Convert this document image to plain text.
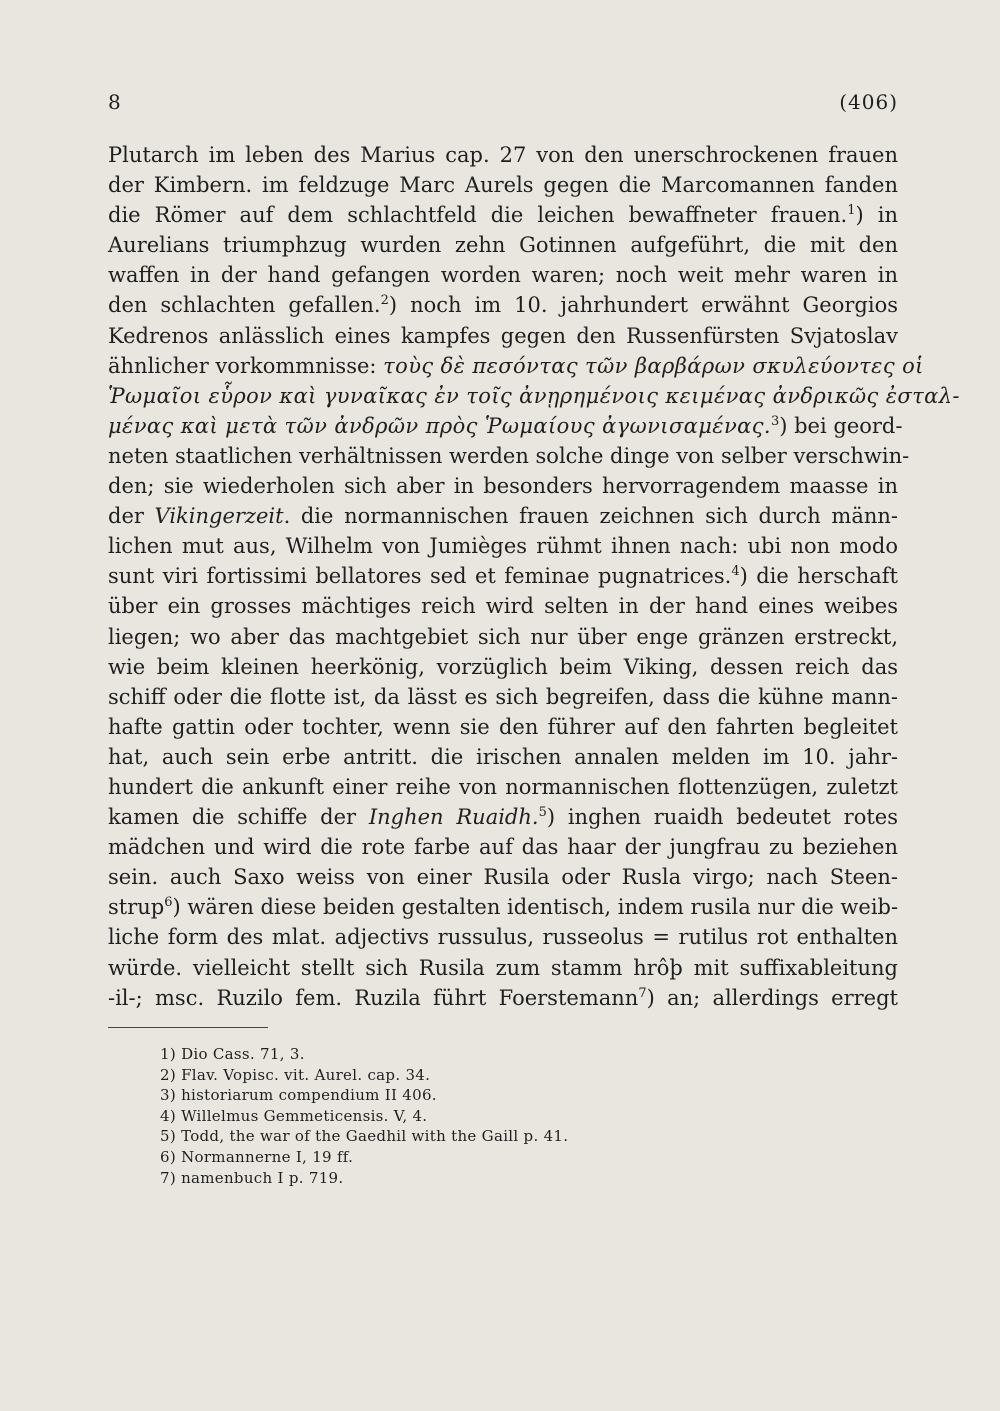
8	(406)
Plutarch im leben des Marius cap. 27 von den unerschrockenen frauen
der Kimbern. im feldzuge Marc Aurels gegen die Marcomannen fanden
die Römer auf dem schlachtfeld die leichen bewaffneter frauen.$^1$) in
Aurelians triumphzug wurden zehn Gotinnen aufgeführt, die mit den
waffen in der hand gefangen worden waren; noch weit mehr waren in
den schlachten gefallen.$^2$) noch im 10. jahrhundert erwähnt Georgios
Kedrenos anlässlich eines kampfes gegen den Russenfürsten Svjatoslav
ähnlicher vorkommnisse: τοὺς δὲ πεσόντας τῶν βαρβάρων σκυλεύοντες οἱ
Ῥωμαῖοι εὗρον καὶ γυναῖκας ἐν τοῖς ἀνῃρημένοις κειμένας ἀνδρικῶς ἐσταλ-
μένας καὶ μετὰ τῶν ἀνδρῶν πρὸς Ῥωμαίους ἀγωνισαμένας.$^3$) bei geord-
neten staatlichen verhältnissen werden solche dinge von selber verschwin-
den; sie wiederholen sich aber in besonders hervorragendem maasse in
der Vikingerzeit. die normannischen frauen zeichnen sich durch männ-
lichen mut aus, Wilhelm von Jumièges rühmt ihnen nach: ubi non modo
sunt viri fortissimi bellatores sed et feminae pugnatrices.$^4$) die herschaft
über ein grosses mächtiges reich wird selten in der hand eines weibes
liegen; wo aber das machtgebiet sich nur über enge gränzen erstreckt,
wie beim kleinen heerkönig, vorzüglich beim Viking, dessen reich das
schiff oder die flotte ist, da lässt es sich begreifen, dass die kühne mann-
hafte gattin oder tochter, wenn sie den führer auf den fahrten begleitet
hat, auch sein erbe antritt. die irischen annalen melden im 10. jahr-
hundert die ankunft einer reihe von normannischen flottenzügen, zuletzt
kamen die schiffe der Inghen Ruaidh.$^5$) inghen ruaidh bedeutet rotes
mädchen und wird die rote farbe auf das haar der jungfrau zu beziehen
sein. auch Saxo weiss von einer Rusila oder Rusla virgo; nach Steen-
strup$^6$) wären diese beiden gestalten identisch, indem rusila nur die weib-
liche form des mlat. adjectivs russulus, russeolus = rutilus rot enthalten
würde. vielleicht stellt sich Rusila zum stamm hrôþ mit suffixableitung
-il-; msc. Ruzilo fem. Ruzila führt Foerstemann$^7$) an; allerdings erregt
1) Dio Cass. 71, 3.
2) Flav. Vopisc. vit. Aurel. cap. 34.
3) historiarum compendium II 406.
4) Willelmus Gemmeticensis. V, 4.
5) Todd, the war of the Gaedhil with the Gaill p. 41.
6) Normannerne I, 19 ff.
7) namenbuch I p. 719.
